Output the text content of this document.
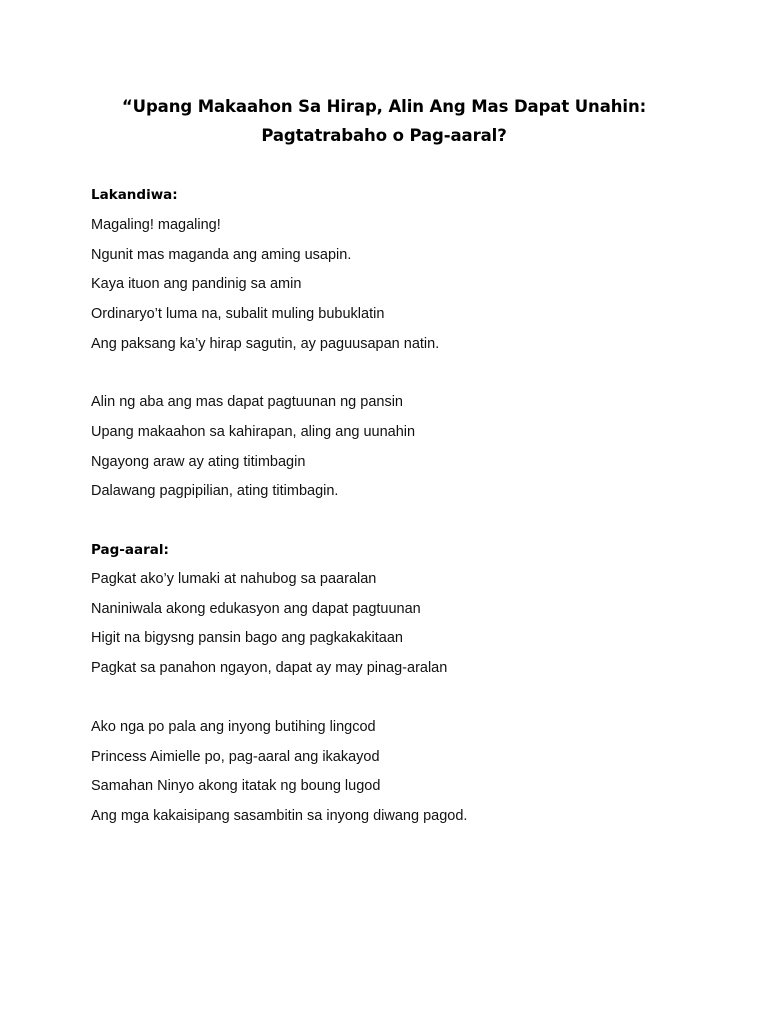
“Upang Makaahon Sa Hirap, Alin Ang Mas Dapat Unahin:
Pagtatrabaho o Pag-aaral?
Lakandiwa:
Magaling! magaling!
Ngunit mas maganda ang aming usapin.
Kaya ituon ang pandinig sa amin
Ordinaryo’t luma na, subalit muling bubuklatin
Ang paksang ka’y hirap sagutin, ay paguusapan natin.
Alin ng aba ang mas dapat pagtuunan ng pansin
Upang makaahon sa kahirapan, aling ang uunahin
Ngayong araw ay ating titimbagin
Dalawang pagpipilian, ating titimbagin.
Pag-aaral:
Pagkat ako’y lumaki at nahubog sa paaralan
Naniniwala akong edukasyon ang dapat pagtuunan
Higit na bigysng pansin bago ang pagkakakitaan
Pagkat sa panahon ngayon, dapat ay may pinag-aralan
Ako nga po pala ang inyong butihing lingcod
Princess Aimielle po, pag-aaral ang ikakayod
Samahan Ninyo akong itatak ng boung lugod
Ang mga kakaisipang sasambitin sa inyong diwang pagod.
